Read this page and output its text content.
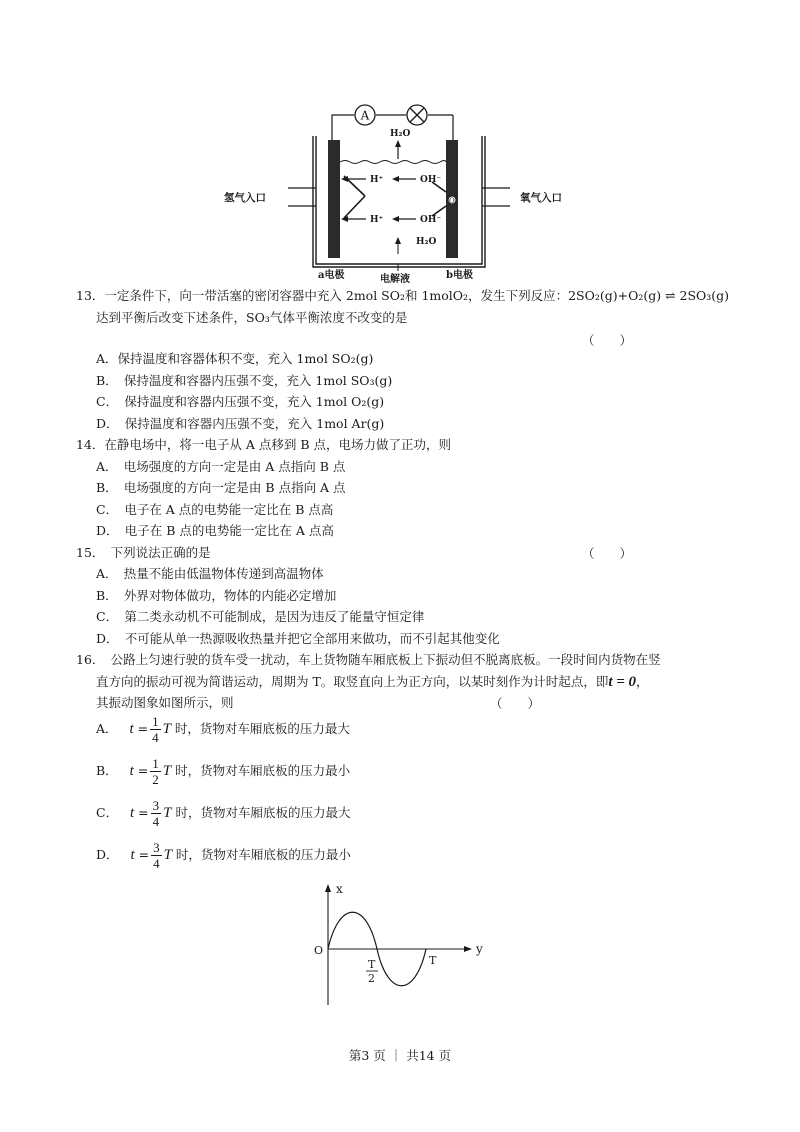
A
H₂O
H⁺	OH⁻
H⁺	OH⁻
O
H₂O
氢气入口	氧气入口
a电极	电解液	b电极
13．一定条件下，向一带活塞的密闭容器中充入 2mol SO₂和 1molO₂，发生下列反应：2SO₂(g)+O₂(g) ⇌ 2SO₃(g)
达到平衡后改变下述条件，SO₃气体平衡浓度不改变的是
（　　）
A．保持温度和容器体积不变，充入 1mol SO₂(g)
B．　保持温度和容器内压强不变，充入 1mol SO₃(g)
C．　保持温度和容器内压强不变，充入 1mol O₂(g)
D．　保持温度和容器内压强不变，充入 1mol Ar(g)
14．在静电场中，将一电子从 A 点移到 B 点，电场力做了正功，则
A．　电场强度的方向一定是由 A 点指向 B 点
B．　电场强度的方向一定是由 B 点指向 A 点
C．　电子在 A 点的电势能一定比在 B 点高
D．　电子在 B 点的电势能一定比在 A 点高
15．　下列说法正确的是	（　　）
A．　热量不能由低温物体传递到高温物体
B．　外界对物体做功，物体的内能必定增加
C．　第二类永动机不可能制成，是因为违反了能量守恒定律
D．　不可能从单一热源吸收热量并把它全部用来做功，而不引起其他变化
16．　公路上匀速行驶的货车受一扰动，车上货物随车厢底板上下振动但不脱离底板。一段时间内货物在竖
直方向的振动可视为简谐运动，周期为 T。取竖直向上为正方向，以某时刻作为计时起点，即t = 0，
其振动图象如图所示，则	（　　）
A． $t = \frac{1}{4}$ T 时，货物对车厢底板的压力最大
B． $t = \frac{1}{2}$ T 时，货物对车厢底板的压力最小
C． $t = \frac{3}{4}$ T 时，货物对车厢底板的压力最大
D． $t = \frac{3}{4}$ T 时，货物对车厢底板的压力最小
x
y
O
T
2
T
第3 页 ｜ 共14 页
